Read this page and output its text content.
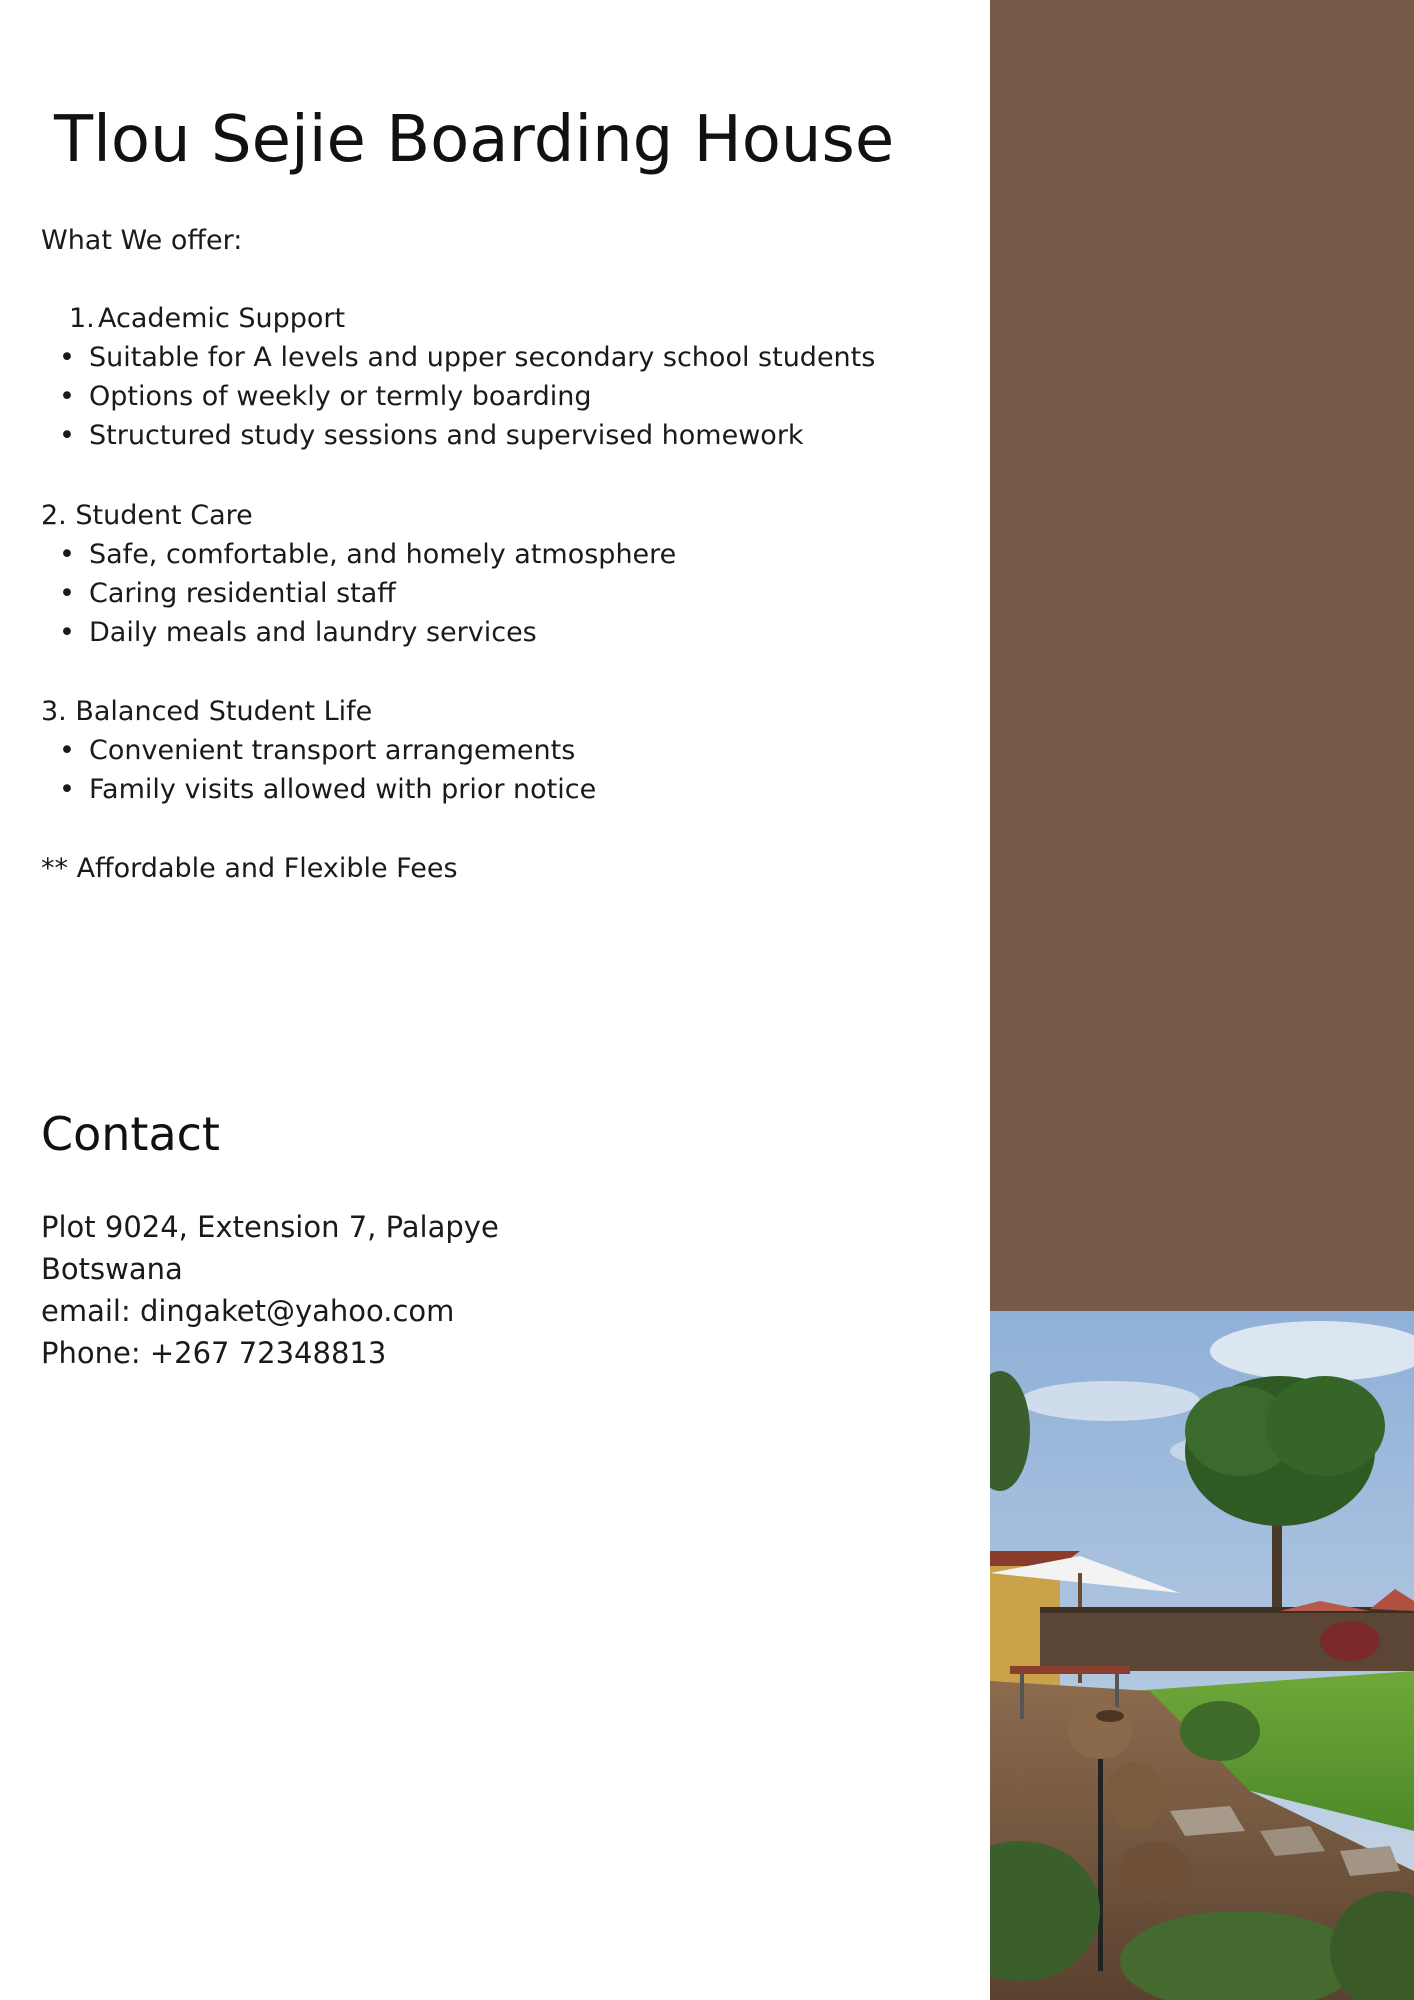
Tlou Sejie Boarding House
What We offer:
1. Academic Support
• Suitable for A levels and upper secondary school students
• Options of weekly or termly boarding
• Structured study sessions and supervised homework
2. Student Care
• Safe, comfortable, and homely atmosphere
• Caring residential staff
• Daily meals and laundry services
3. Balanced Student Life
• Convenient transport arrangements
• Family visits allowed with prior notice
** Affordable and Flexible Fees
Contact
Plot 9024, Extension 7, Palapye
Botswana
email: dingaket@yahoo.com
Phone: +267 72348813
